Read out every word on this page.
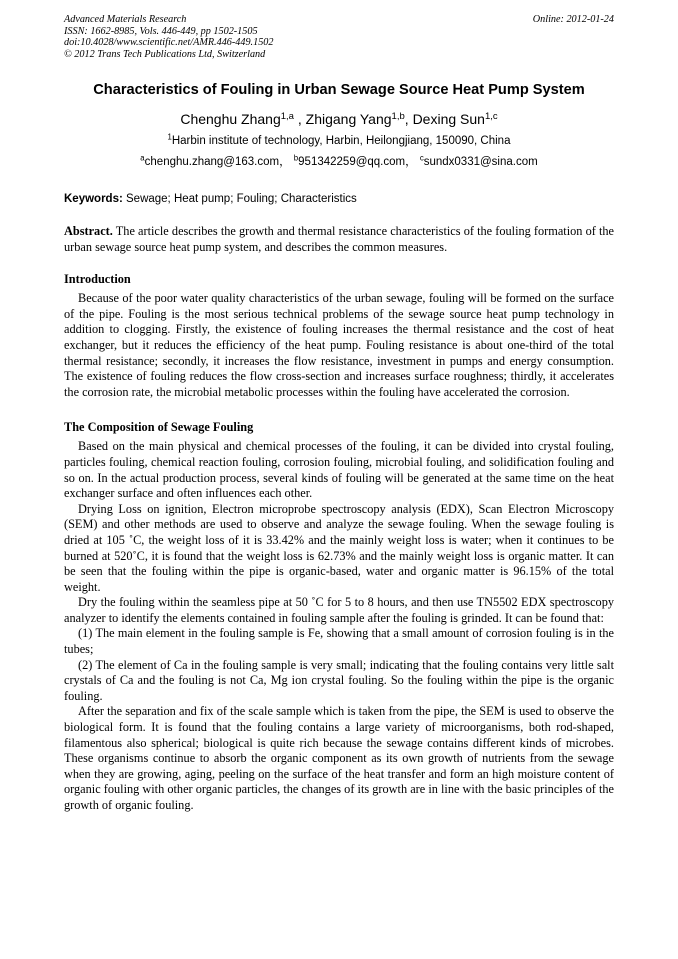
Advanced Materials Research
ISSN: 1662-8985, Vols. 446-449, pp 1502-1505
doi:10.4028/www.scientific.net/AMR.446-449.1502
© 2012 Trans Tech Publications Ltd, Switzerland
Online: 2012-01-24
Characteristics of Fouling in Urban Sewage Source Heat Pump System
Chenghu Zhang$^{1,a}$ , Zhigang Yang$^{1,b}$, Dexing Sun$^{1,c}$
$^1$Harbin institute of technology, Harbin, Heilongjiang, 150090, China
$^a$chenghu.zhang@163.com， $^b$951342259@qq.com， $^c$sundx0331@sina.com
Keywords: Sewage; Heat pump; Fouling; Characteristics
Abstract. The article describes the growth and thermal resistance characteristics of the fouling formation of the urban sewage source heat pump system, and describes the common measures.
Introduction

Because of the poor water quality characteristics of the urban sewage, fouling will be formed on the surface of the pipe. Fouling is the most serious technical problems of the sewage source heat pump technology in addition to clogging. Firstly, the existence of fouling increases the thermal resistance and the cost of heat exchanger, but it reduces the efficiency of the heat pump. Fouling resistance is about one-third of the total thermal resistance; secondly, it increases the flow resistance, investment in pumps and energy consumption. The existence of fouling reduces the flow cross-section and increases surface roughness; thirdly, it accelerates the corrosion rate, the microbial metabolic processes within the fouling have accelerated the corrosion.

The Composition of Sewage Fouling

Based on the main physical and chemical processes of the fouling, it can be divided into crystal fouling, particles fouling, chemical reaction fouling, corrosion fouling, microbial fouling, and solidification fouling and so on. In the actual production process, several kinds of fouling will be generated at the same time on the heat exchanger surface and often influences each other.

Drying Loss on ignition, Electron microprobe spectroscopy analysis (EDX), Scan Electron Microscopy (SEM) and other methods are used to observe and analyze the sewage fouling. When the sewage fouling is dried at 105 ˚C, the weight loss of it is 33.42% and the mainly weight loss is water; when it continues to be burned at 520˚C, it is found that the weight loss is 62.73% and the mainly weight loss is organic matter. It can be seen that the fouling within the pipe is organic-based, water and organic matter is 96.15% of the total weight.

Dry the fouling within the seamless pipe at 50 ˚C for 5 to 8 hours, and then use TN5502 EDX spectroscopy analyzer to identify the elements contained in fouling sample after the fouling is grinded. It can be found that:

(1) The main element in the fouling sample is Fe, showing that a small amount of corrosion fouling is in the tubes;

(2) The element of Ca in the fouling sample is very small; indicating that the fouling contains very little salt crystals of Ca and the fouling is not Ca, Mg ion crystal fouling. So the fouling within the pipe is the organic fouling.

After the separation and fix of the scale sample which is taken from the pipe, the SEM is used to observe the biological form. It is found that the fouling contains a large variety of microorganisms, both rod-shaped, filamentous also spherical; biological is quite rich because the sewage contains different kinds of microbes. These organisms continue to absorb the organic component as its own growth of nutrients from the sewage when they are growing, aging, peeling on the surface of the heat transfer and form an high moisture content of organic fouling with other organic particles, the changes of its growth are in line with the basic principles of the growth of organic fouling.
